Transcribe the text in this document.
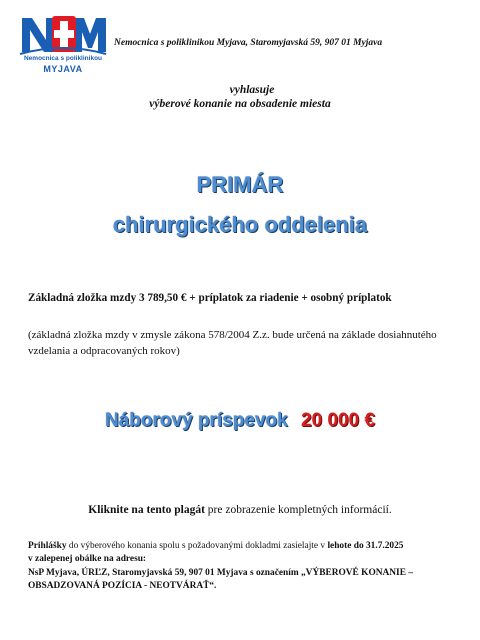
Nemocnica s poliklinikou
MYJAVA
Nemocnica s poliklinikou Myjava, Staromyjavská 59, 907 01 Myjava
vyhlasuje
výberové konanie na obsadenie miesta
PRIMÁR
chirurgického oddelenia
Základná zložka mzdy 3 789,50 € + príplatok za riadenie + osobný príplatok
(základná zložka mzdy v zmysle zákona 578/2004 Z.z. bude určená na základe dosiahnutého vzdelania a odpracovaných rokov)
Náborový príspevok 20 000 €
Kliknite na tento plagát pre zobrazenie kompletných informácií.
Prihlášky do výberového konania spolu s požadovanými dokladmi zasielajte v lehote do 31.7.2025
v zalepenej obálke na adresu:
NsP Myjava, ÚRĽZ, Staromyjavská 59, 907 01 Myjava s označením „VÝBEROVÉ KONANIE – OBSADZOVANÁ POZÍCIA - NEOTVÁRAŤ“.
